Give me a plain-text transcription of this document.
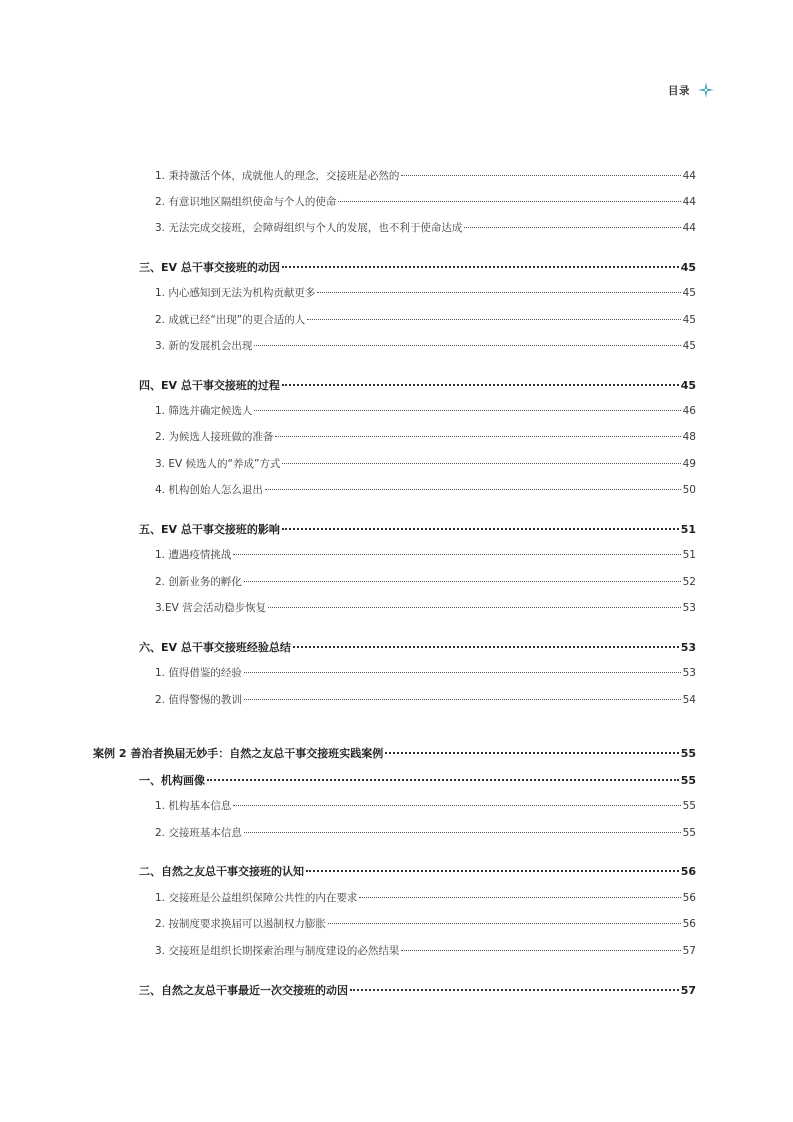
目录
1. 秉持激活个体，成就他人的理念，交接班是必然的	44
2. 有意识地区隔组织使命与个人的使命	44
3. 无法完成交接班，会障碍组织与个人的发展，也不利于使命达成	44
三、EV 总干事交接班的动因	45
1. 内心感知到无法为机构贡献更多	45
2. 成就已经“出现”的更合适的人	45
3. 新的发展机会出现	45
四、EV 总干事交接班的过程	45
1. 筛选并确定候选人	46
2. 为候选人接班做的准备	48
3. EV 候选人的“养成”方式	49
4. 机构创始人怎么退出	50
五、EV 总干事交接班的影响	51
1. 遭遇疫情挑战	51
2. 创新业务的孵化	52
3.EV 营会活动稳步恢复	53
六、EV 总干事交接班经验总结	53
1. 值得借鉴的经验	53
2. 值得警惕的教训	54
案例 2 善治者换届无妙手：自然之友总干事交接班实践案例	55
一、机构画像	55
1. 机构基本信息	55
2. 交接班基本信息	55
二、自然之友总干事交接班的认知	56
1. 交接班是公益组织保障公共性的内在要求	56
2. 按制度要求换届可以遏制权力膨胀	56
3. 交接班是组织长期探索治理与制度建设的必然结果	57
三、自然之友总干事最近一次交接班的动因	57
